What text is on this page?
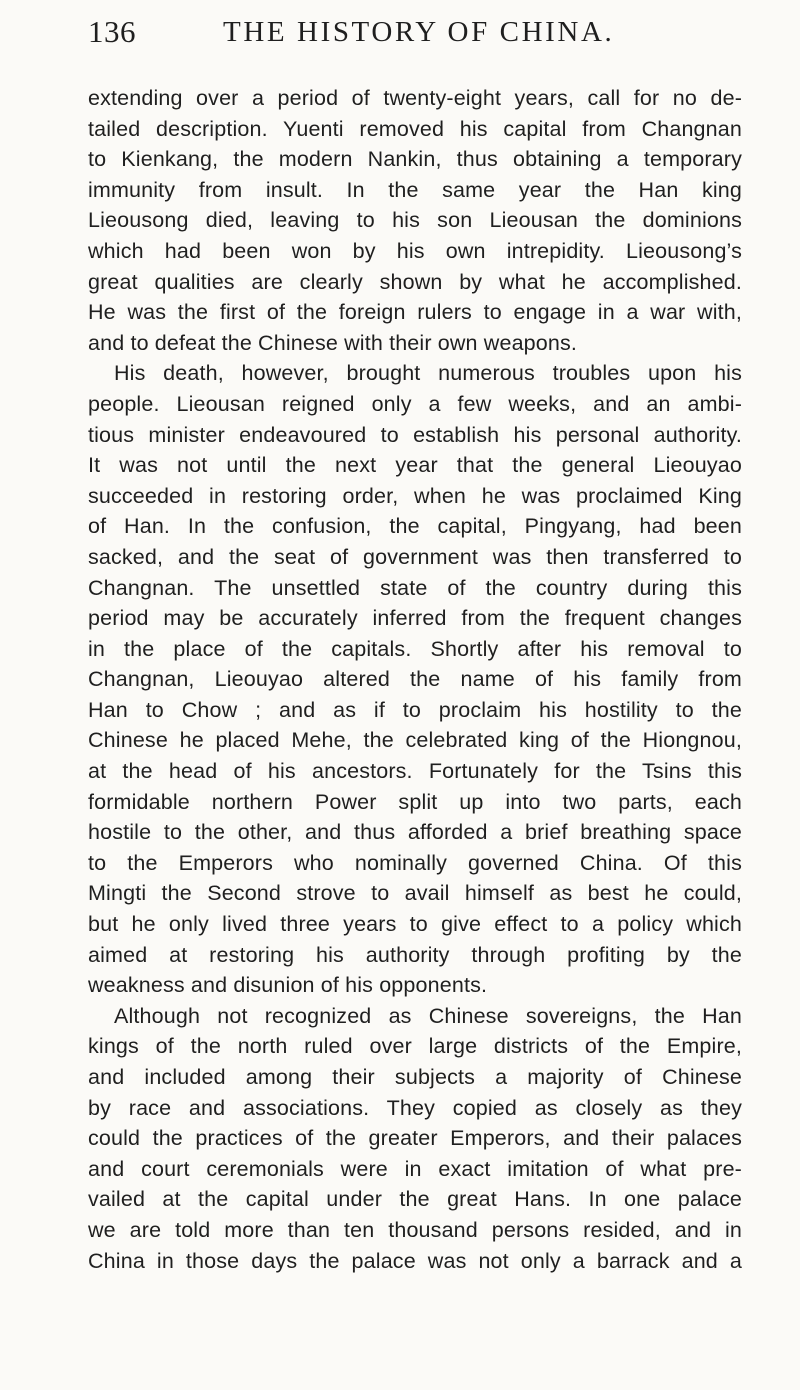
136	THE HISTORY OF CHINA.
extending over a period of twenty-eight years, call for no de-
tailed description. Yuenti removed his capital from Changnan
to Kienkang, the modern Nankin, thus obtaining a temporary
immunity from insult. In the same year the Han king
Lieousong died, leaving to his son Lieousan the dominions
which had been won by his own intrepidity. Lieousong’s
great qualities are clearly shown by what he accomplished.
He was the first of the foreign rulers to engage in a war with,
and to defeat the Chinese with their own weapons.
His death, however, brought numerous troubles upon his
people. Lieousan reigned only a few weeks, and an ambi-
tious minister endeavoured to establish his personal authority.
It was not until the next year that the general Lieouyao
succeeded in restoring order, when he was proclaimed King
of Han. In the confusion, the capital, Pingyang, had been
sacked, and the seat of government was then transferred to
Changnan. The unsettled state of the country during this
period may be accurately inferred from the frequent changes
in the place of the capitals. Shortly after his removal to
Changnan, Lieouyao altered the name of his family from
Han to Chow ; and as if to proclaim his hostility to the
Chinese he placed Mehe, the celebrated king of the Hiongnou,
at the head of his ancestors. Fortunately for the Tsins this
formidable northern Power split up into two parts, each
hostile to the other, and thus afforded a brief breathing space
to the Emperors who nominally governed China. Of this
Mingti the Second strove to avail himself as best he could,
but he only lived three years to give effect to a policy which
aimed at restoring his authority through profiting by the
weakness and disunion of his opponents.
Although not recognized as Chinese sovereigns, the Han
kings of the north ruled over large districts of the Empire,
and included among their subjects a majority of Chinese
by race and associations. They copied as closely as they
could the practices of the greater Emperors, and their palaces
and court ceremonials were in exact imitation of what pre-
vailed at the capital under the great Hans. In one palace
we are told more than ten thousand persons resided, and in
China in those days the palace was not only a barrack and a
